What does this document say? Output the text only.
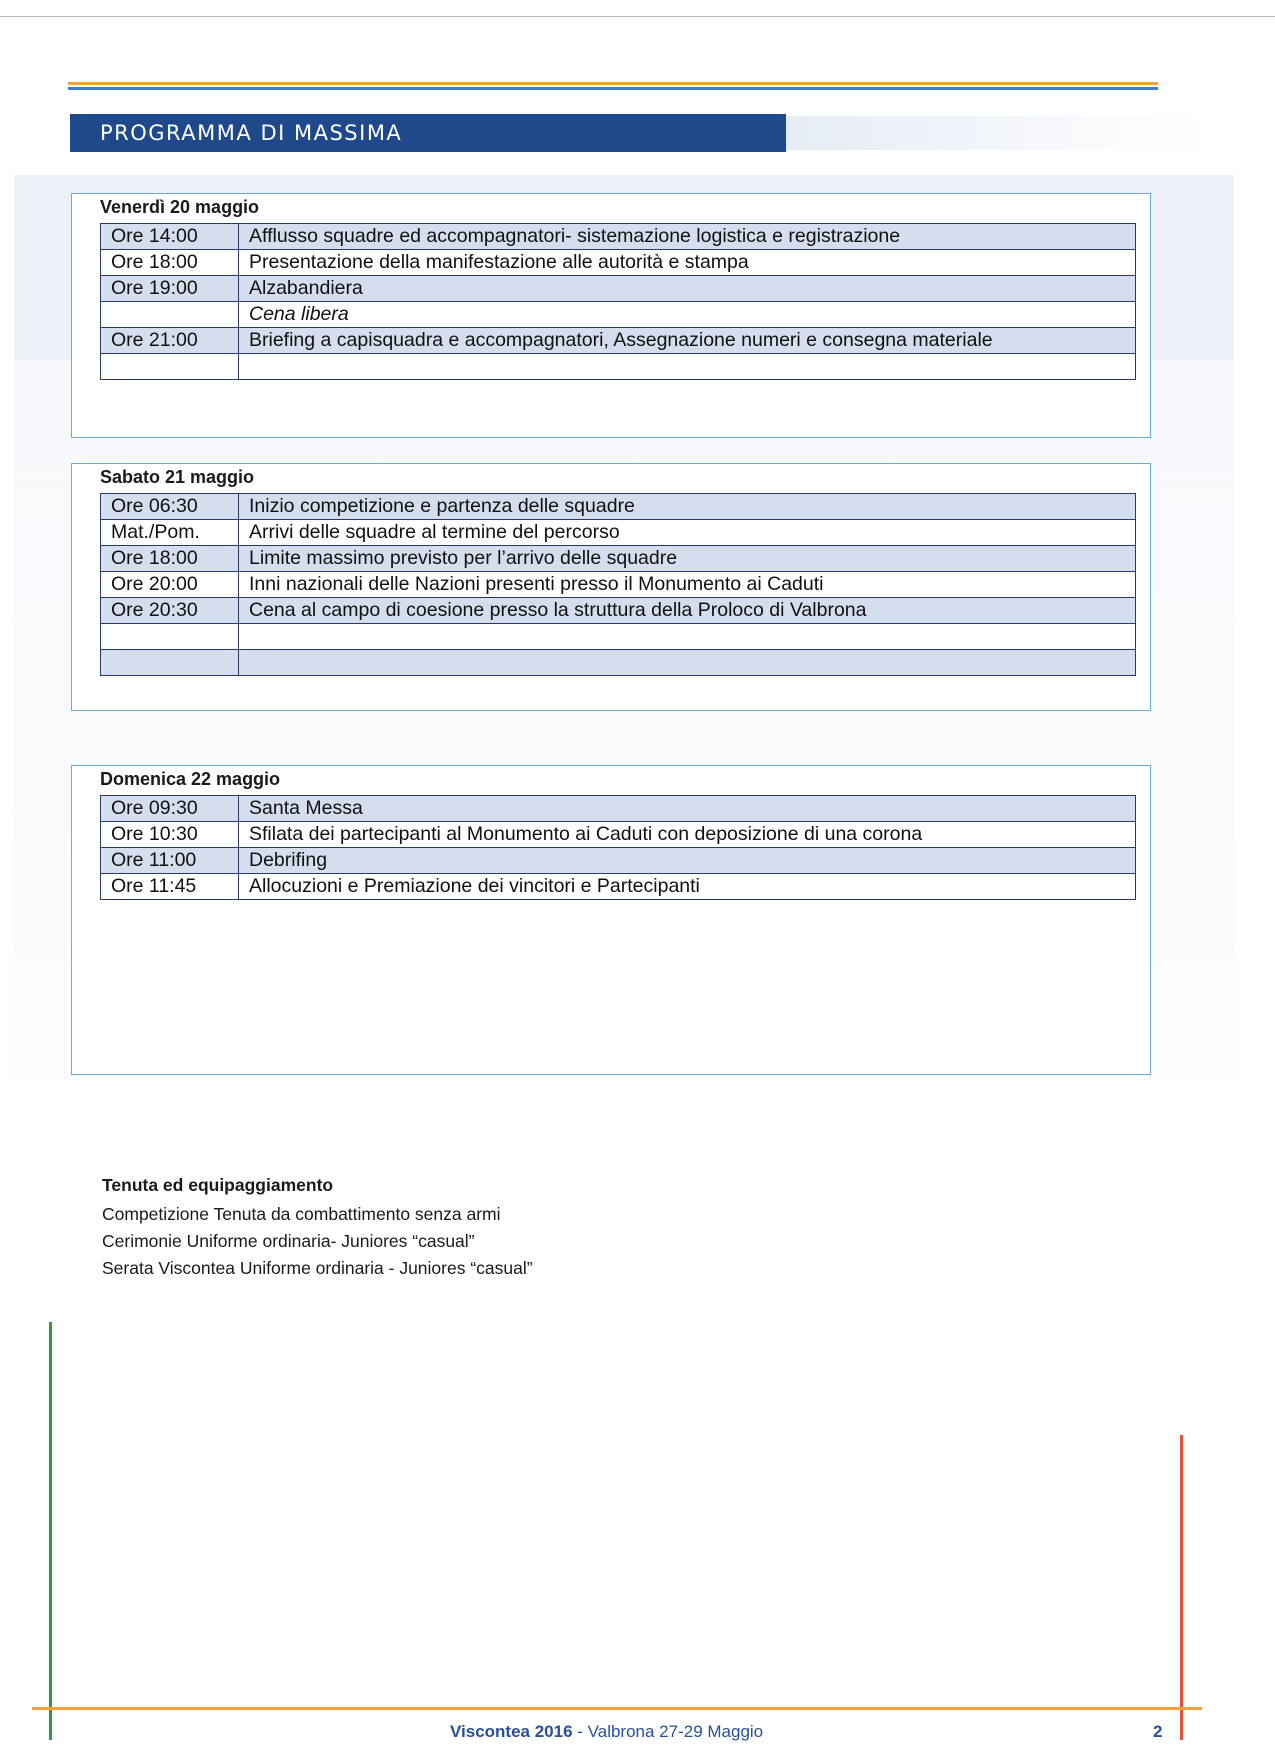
PROGRAMMA DI MASSIMA
Venerdì 20 maggio
Ore 14:00	Afflusso squadre ed accompagnatori- sistemazione logistica e registrazione
Ore 18:00	Presentazione della manifestazione alle autorità e stampa
Ore 19:00	Alzabandiera
	Cena libera
Ore 21:00	Briefing a capisquadra e accompagnatori, Assegnazione numeri e consegna materiale

Sabato 21 maggio
Ore 06:30	Inizio competizione e partenza delle squadre
Mat./Pom.	Arrivi delle squadre al termine del percorso
Ore 18:00	Limite massimo previsto per l’arrivo delle squadre
Ore 20:00	Inni nazionali delle Nazioni presenti presso il Monumento ai Caduti
Ore 20:30	Cena al campo di coesione presso la struttura della Proloco di Valbrona

Domenica 22 maggio
Ore 09:30	Santa Messa
Ore 10:30	Sfilata dei partecipanti al Monumento ai Caduti con deposizione di una corona
Ore 11:00	Debrifing
Ore 11:45	Allocuzioni e Premiazione dei vincitori e Partecipanti
Tenuta ed equipaggiamento
Competizione Tenuta da combattimento senza armi
Cerimonie Uniforme ordinaria- Juniores “casual”
Serata Viscontea Uniforme ordinaria - Juniores “casual”
Viscontea 2016 - Valbrona 27-29 Maggio	2
